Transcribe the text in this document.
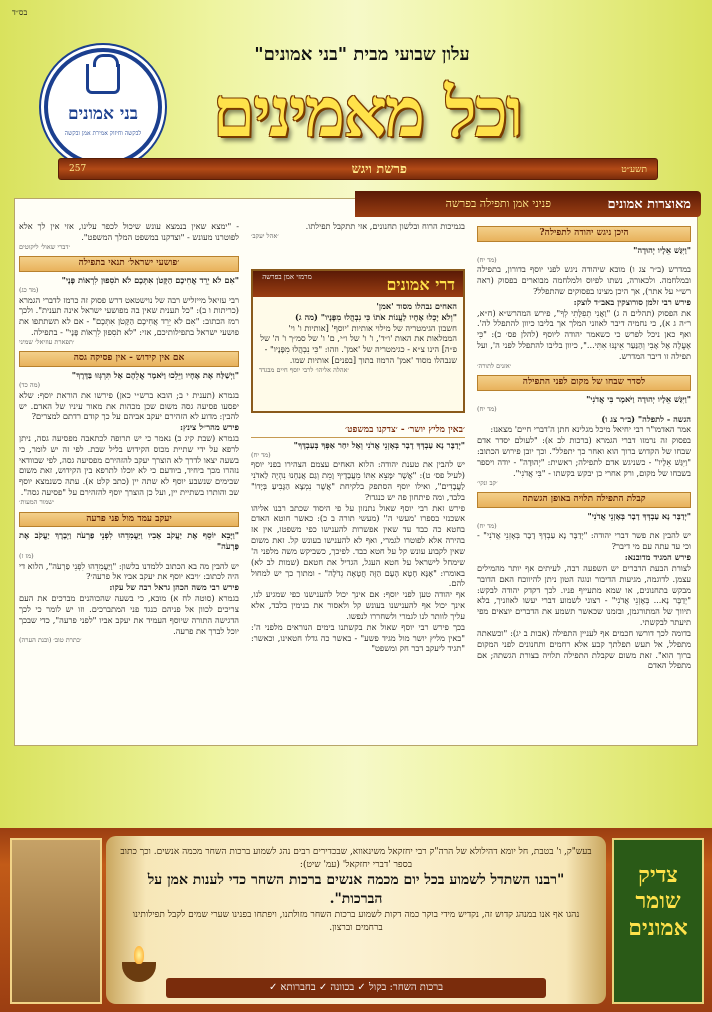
בס״ד
עלון שבועי מבית "בני אמונים"
וכל מאמינים
בני אמונים
לבקשה וחיזוק אמירת אמן ובקשה
תשע״ט
פרשת ויגש
257
מאוצרות אמונים
פניני אמן ותפילה בפרשה
היכן ניגש יהודה לתפילה?
"וַיִּגַּשׁ אֵלָיו יְהוּדָה"
(מד יח)

במדרש (ב״ר צג ו) מובא שיהודה ניגש לפני יוסף בדורון, בתפילה ובמלחמה. ולכאורה, נשתו לפיוס ולמלחמה מבוארים בפסוק (ראה רש״י על אתר), אך היכן מצינו בפסוקים שהתפלל?

פירש רבי זלמן סורוצקין באב״ד לוצק:

את הפסוק (תהלים ה ג) "וַאֲנִי תְפִלָּתִי לְךָ", פירש המהרש״א (ח״א, ר״ה ג א), כי נחמיה דיבר לאוזני המלך אך בליבו כיוון להתפלל לה'. ואף כאן ניכל לפרש כי כשאמר יהודה ליוסף (להלן פס׳ כ): "כִּי אֶעֱלֶה אֶל אָבִי וְהַנַּעַר אֵינֶנּוּ אִתִּי...", כיוון בליבו להתפלל לפני ה', ועל תפילה זו דיבר המדרש.

׳אזנים לתורה׳
לסדר שבחו של מקום לפני התפילה
"וַיִּגַּשׁ אֵלָיו יְהוּדָה וַיֹּאמֶר בִּי אֲדֹנִי"
(מד יח)

הגשה - לתפלה" (ב״ר צג ו)

אמר האדמו"ר רבי יחיאל מיכל מגלינא חתן ה'דברי חיים' מצאנז:

בפסוק זה נרמזו דברי הגמרא (ברכות לב א): "לעולם יסדר אדם שבחו של הקדוש ברוך הוא ואחר כך יתפלל". וכך יובן פירוש הכתוב: "וַיִּגַּשׁ אֵלָיו" - כשניגש אדם לתפילה; ראשית: "יְהוּדָה" - יודה ויספר בשבחו של מקום, ורק אחרי כן יבקש בקשתו - "בִּי אֲדֹנִי".

׳קב ונקי׳
קבלת התפילה תלויה באופן הגשתה
"יְדַבֶּר נָא עַבְדְּךָ דָבָר בְּאָזְנֵי אֲדֹנִי"
(מד יח)

יש להבין את פשר דברי יהודה: "יְדַבֶּר נָא עַבְדְּךָ דָבָר בְּאָזְנֵי אֲדֹנִי" - וכי עד עתה עם מי דיבר?

פירש המגיד מדובנא:

לצורת הבעת הדברים יש השפעה רבה, לעיתים אף יותר מהמילים עצמן. לדוגמה, מגיעות הדיבור ונוגה הטון ניתן להיווכח האם הדובר מבקש בתחנונים, או שמא מתעייף פניו. לכך דקדק יהודה לבקש: "יְדַבֶּר נָא... בְּאָזְנֵי אֲדֹנִי" - רצוני לשמוע דברי יעשו לאוזניך, בלא תיווך של המתורגמן, ובזמנו שכאשר תשמע את הדברים יוצאים מפי תיעתר לבקשתי.

בדומה לכך דורשו חכמים אף לעניין התפילה (אבות ב יג): "וכשאתה מתפלל, אל תעש תפלתך קבע אלא רחמים ותחנונים לפני המקום ברוך הוא". זאת משום שקבלת התפילה תלויה בצורת הגשתה; אם מתפלל האדם

בגמיכות הרוח ובלשון תחנונים, אזי תתקבל תפילתו.

׳אהל יעקב׳
דרי אמונים
מרמזי אמן בפרשה

האחים נבהלו מסוד 'אמן'

"וְלֹא יָכְלוּ אֶחָיו לַעֲנוֹת אֹתוֹ כִּי נִבְהֲלוּ מִפָּנָיו" (מה ג)

חשבון הגימטריה של מילוי אותיות 'יוסף' [אותיות ו' וי' הממלאות את האות 'ו״ד', ו' ו' של ו״י, ם' ו' של סמ״ך ו' ה' של פ״ה] הינו צ״א - כגימטריה של 'אמן'. וזהו: "כִּי נִבְהֲלוּ מִפָּנָיו" - שנבהלו מסוד 'אמן' הרמוז בתוך [בפנים] אותיות שמו.

׳אהלה אליהו׳ לרבי יוסף חיים מבגדד
׳באין מליץ יושר׳ - ׳צדקנו במשפט׳
"יְדַבֶּר נָא עַבְדְּךָ דָבָר בְּאָזְנֵי אֲדֹנִי וְאַל יִחַר אַפְּךָ בְּעַבְדֶּךָ"
(מד יח)

יש להבין את טענת יהודה: הלוא האחים עצמם הצהירו בפני יוסף (לעיל פס׳ ט): "אֲשֶׁר יִמָּצֵא אִתּוֹ מֵעֲבָדֶיךָ וָמֵת וְגַם אֲנַחְנוּ נִהְיֶה לַאדֹנִי לַעֲבָדִים", ואילו יוסף הסתפק בלקיחת "אֲשֶׁר נִמְצָא הַגָּבִיעַ בְּיָדוֹ" בלבד, ומה פיתחון פה יש כנגדו?

פירש זאת רבי יוסף שאול נתנזון על פי היסוד שכתב רבנו אליהו אשכנזי בספרו 'מעשי ה'' (מעשי תורה ב כ): כאשר חוטא האדם בחטא כה כבד עד שאין אפשרות להענישו כפי משפטו, אין אז בהירה אלא לפוטרו לגמרי, ואף לא להענישו בעונש קל. זאת משום שאין לקבוע עונש קל על חטא כבד. לפיכך, כשביקש משה מלפני ה' שימחל לישראל על חטא העגל, הגדיל את חטאם (שמות לב לא) באומרו: "אָנָּא חָטָא הָעָם הַזֶּה חֲטָאָה גְדֹלָה" - ומתוך כך יש למחול להם.

אף יהודה טען לפני יוסף: אם אינך יכול להענישנו כפי שמגיע לנו, אינך יכול אף להענישנו בעונש קל ולאסור את בנימין בלבד, אלא עליך לוותר לנו לגמרי ולשחררו לנפשו.

בכך פירש רבי יוסף שאול את בקשתנו בימים הנוראים מלפני ה': "באין מליץ יושר מול מגיד פשע" - באשר כה גדלו חטאינו, וכאשר: "תגיד ליעקב דבר חק ומשפט"

- "ימצא שאין בנמצא עונש שיכול לכפר עלינו, אזי אין לך אלא לפוטרנו מעונש - "וצדקנו במשפט המלך המשפט".

׳דברי שאול׳ ליקוטים
׳פושעי ישראל׳ תנאי בתפילה
"אִם לֹא יֵרֵד אֲחִיכֶם הַקָּטֹן אִתְּכֶם לֹא תֹסִפוּן לִרְאוֹת פָּנָי"
(מד כג)

רבי עזיאל מייזליש רבה של נוישטאט דרש פסוק זה כרמז לדברי הגמרא (כריתות ו ב): "כל תענית שאין בה מפושעי ישראל אינה תענית". ולכך רמז הכתוב: "אִם לֹא יֵרֵד אֲחִיכֶם הַקָּטֹן אִתְּכֶם" - אם לא תשתתפו את פושעי ישראל בתפילותיכם, אזי: "לֹא תֹסִפוּן לִרְאוֹת פָּנָי" - בתפילה.

׳תפארת עוזיאל׳ שמיני
אם אין קידוש - אין פסיקה גסה
"וַיְשַׁלַּח אֶת אֶחָיו וַיֵּלֵכוּ וַיֹּאמֶר אֲלֵהֶם אַל תִּרְגְּזוּ בַּדָּרֶךְ"
(מה כד)

בגמרא (תענית י ב; הובא ברש״י כאן) פירשו את הוראת יוסף: שלא יפסעו פסיעה גסה משום שכן מכהות את מאור עיניו של האדם. יש להבין: מדוע לא הזהירם יעקב אביהם על כך קודם רדתם למצרים?

פירש מהר״ל צינץ:

בגמרא (שבת קיג ב) נאמר כי יש תרופה לכתאבה מפסיעה גסה, ניתן לרפא על ידי שתיית מכוס הקידוש בליל שבת. לפי זה יש לומר, כי בשעה יצאו לדרך לא הוצרך יעקב להזהירם מפסיעה גסה, לפי שבוודאי נזהרו מכך ביחיד, ביודעם כי לא יוכלו לתרפא בין הקידוש, זאת משום שבימים שנשבע יוסף לא שתה יין (כתב קלט א). עתה כשנמצא יוסף שב והותרו בשתיית יין, ועל כן הוצרך יוסף להזהירם על "פסיעה גסה".

׳שמור המעות׳
יעקב עמד מול פני פרעה
"וַיָּבֵא יוֹסֵף אֶת יַעֲקֹב אָבִיו וַיַּעֲמִדֵהוּ לִפְנֵי פַרְעֹה וַיְבָרֶךְ יַעֲקֹב אֶת פַּרְעֹה"
(מז ז)

יש להבין מה בא הכתוב ללמדנו בלשון: "וַיַּעֲמִדֵהוּ לִפְנֵי פַרְעֹה", הלוא די היה לכתוב: ׳ויבא יוסף את יעקב אביו אל פרעה׳?

פירש רבי משה הכהן גראל רבה של עקו:

בגמרא (סוטה לח א) מובא, כי בשעה שהכוהנים מברכים את העם צריכים לכוון אל פניהם כנגד פני המתברכים. וזו יש לומר כי לכך הדגישה התורה שיוסף העמיד את יעקב אביו "לפני פרעה", כדי שבכך יוכל לברך את פרעה.

׳כתרת טוב׳ (ובנת הערה)
צדיק שומר אמונים

בעש"ק, ו' בטבת, חל יומא דהילולא של הרה"ק רבי יחזקאל משינאווא, שבכדירים רבים נהג לשמוע ברכות השחר מכמה אנשים. וכך כתוב בספר 'דברי יחזקאל' (עמ' שיט):

"רבנו השתדל לשמוע בכל יום מכמה אנשים ברכות השחר כדי לענות אמן על הברכות".

נהגו אף אנו במנהג קדוש זה, נקדיש מידי בוקר כמה דקות לשמוע ברכות השחר מזולתנו, ויפתחו בפנינו שערי שמים לקבל תפילותינו ברחמים וברצון.

ברכות השחר: בקול ✓ בכוונה ✓ בחברותא ✓
